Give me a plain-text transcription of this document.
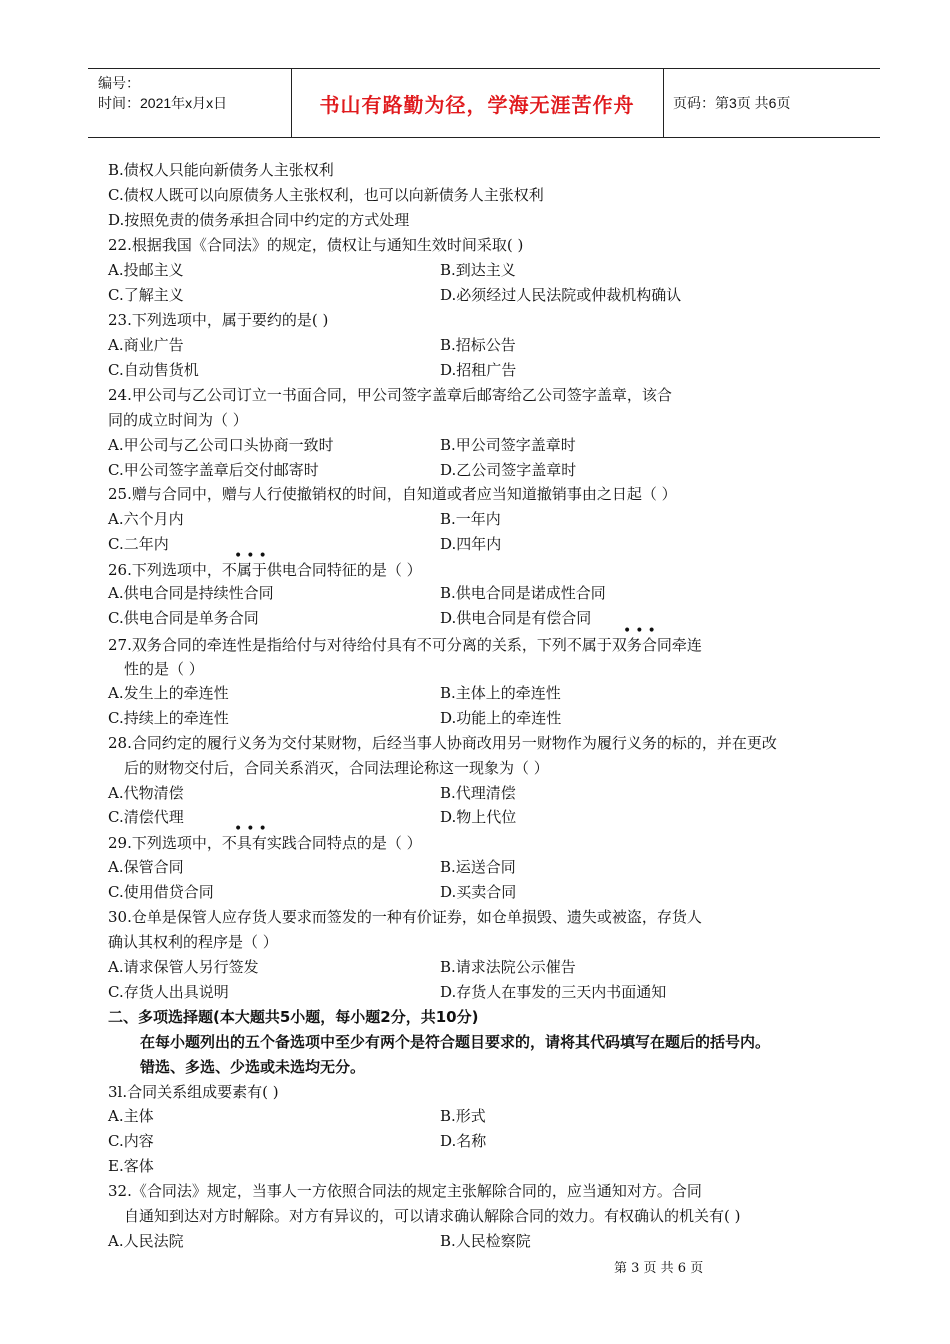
编号：
时间：2021年x月x日	书山有路勤为径，学海无涯苦作舟	页码：第3页 共6页
B.债权人只能向新债务人主张权利
C.债权人既可以向原债务人主张权利，也可以向新债务人主张权利
D.按照免责的债务承担合同中约定的方式处理
22.根据我国《合同法》的规定，债权让与通知生效时间采取( )
A.投邮主义	B.到达主义
C.了解主义	D.必须经过人民法院或仲裁机构确认
23.下列选项中，属于要约的是( )
A.商业广告	B.招标公告
C.自动售货机	D.招租广告
24.甲公司与乙公司订立一书面合同，甲公司签字盖章后邮寄给乙公司签字盖章，该合
同的成立时间为（ ）
A.甲公司与乙公司口头协商一致时	B.甲公司签字盖章时
C.甲公司签字盖章后交付邮寄时	D.乙公司签字盖章时
25.赠与合同中，赠与人行使撤销权的时间，自知道或者应当知道撤销事由之日起（ ）
A.六个月内	B.一年内
C.二年内	D.四年内
•••
26.下列选项中，不属于供电合同特征的是（ ）
A.供电合同是持续性合同	B.供电合同是诺成性合同
C.供电合同是单务合同	D.供电合同是有偿合同
•••
27.双务合同的牵连性是指给付与对待给付具有不可分离的关系，下列不属于双务合同牵连
性的是（ ）
A.发生上的牵连性	B.主体上的牵连性
C.持续上的牵连性	D.功能上的牵连性
28.合同约定的履行义务为交付某财物，后经当事人协商改用另一财物作为履行义务的标的，并在更改
后的财物交付后，合同关系消灭，合同法理论称这一现象为（ ）
A.代物清偿	B.代理清偿
C.清偿代理	D.物上代位
•••
29.下列选项中，不具有实践合同特点的是（ ）
A.保管合同	B.运送合同
C.使用借贷合同	D.买卖合同
30.仓单是保管人应存货人要求而签发的一种有价证券，如仓单损毁、遗失或被盗，存货人
确认其权利的程序是（ ）
A.请求保管人另行签发	B.请求法院公示催告
C.存货人出具说明	D.存货人在事发的三天内书面通知
二、多项选择题(本大题共5小题，每小题2分，共10分)
在每小题列出的五个备选项中至少有两个是符合题目要求的，请将其代码填写在题后的括号内。
错选、多选、少选或未选均无分。
3l.合同关系组成要素有( )
A.主体	B.形式
C.内容	D.名称
E.客体
32.《合同法》规定，当事人一方依照合同法的规定主张解除合同的，应当通知对方。合同
自通知到达对方时解除。对方有异议的，可以请求确认解除合同的效力。有权确认的机关有( )
A.人民法院	B.人民检察院
第 3 页 共 6 页
